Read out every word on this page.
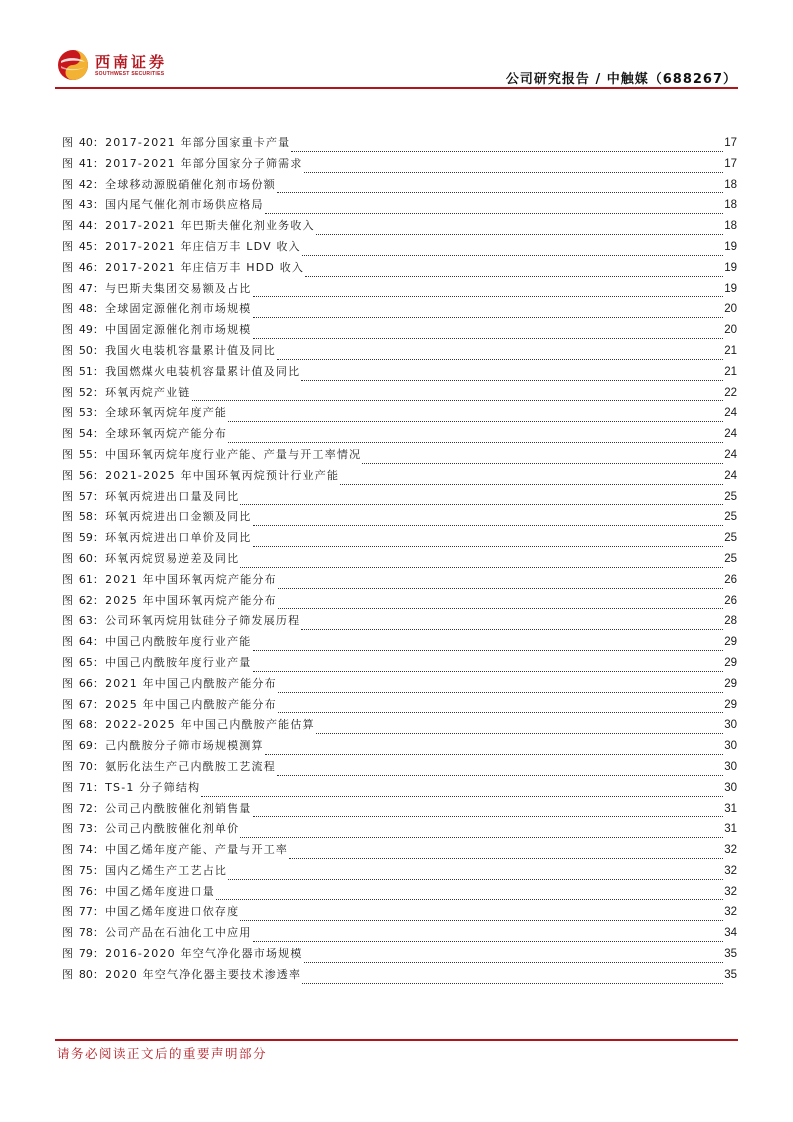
西南证券
SOUTHWEST SECURITIES	公司研究报告 / 中触媒（688267）
图 40：2017-2021 年部分国家重卡产量	17
图 41：2017-2021 年部分国家分子筛需求	17
图 42：全球移动源脱硝催化剂市场份额	18
图 43：国内尾气催化剂市场供应格局	18
图 44：2017-2021 年巴斯夫催化剂业务收入	18
图 45：2017-2021 年庄信万丰 LDV 收入	19
图 46：2017-2021 年庄信万丰 HDD 收入	19
图 47：与巴斯夫集团交易额及占比	19
图 48：全球固定源催化剂市场规模	20
图 49：中国固定源催化剂市场规模	20
图 50：我国火电装机容量累计值及同比	21
图 51：我国燃煤火电装机容量累计值及同比	21
图 52：环氧丙烷产业链	22
图 53：全球环氧丙烷年度产能	24
图 54：全球环氧丙烷产能分布	24
图 55：中国环氧丙烷年度行业产能、产量与开工率情况	24
图 56：2021-2025 年中国环氧丙烷预计行业产能	24
图 57：环氧丙烷进出口量及同比	25
图 58：环氧丙烷进出口金额及同比	25
图 59：环氧丙烷进出口单价及同比	25
图 60：环氧丙烷贸易逆差及同比	25
图 61：2021 年中国环氧丙烷产能分布	26
图 62：2025 年中国环氧丙烷产能分布	26
图 63：公司环氧丙烷用钛硅分子筛发展历程	28
图 64：中国己内酰胺年度行业产能	29
图 65：中国己内酰胺年度行业产量	29
图 66：2021 年中国己内酰胺产能分布	29
图 67：2025 年中国己内酰胺产能分布	29
图 68：2022-2025 年中国己内酰胺产能估算	30
图 69：己内酰胺分子筛市场规模测算	30
图 70：氨肟化法生产己内酰胺工艺流程	30
图 71：TS-1 分子筛结构	30
图 72：公司己内酰胺催化剂销售量	31
图 73：公司己内酰胺催化剂单价	31
图 74：中国乙烯年度产能、产量与开工率	32
图 75：国内乙烯生产工艺占比	32
图 76：中国乙烯年度进口量	32
图 77：中国乙烯年度进口依存度	32
图 78：公司产品在石油化工中应用	34
图 79：2016-2020 年空气净化器市场规模	35
图 80：2020 年空气净化器主要技术渗透率	35
请务必阅读正文后的重要声明部分
